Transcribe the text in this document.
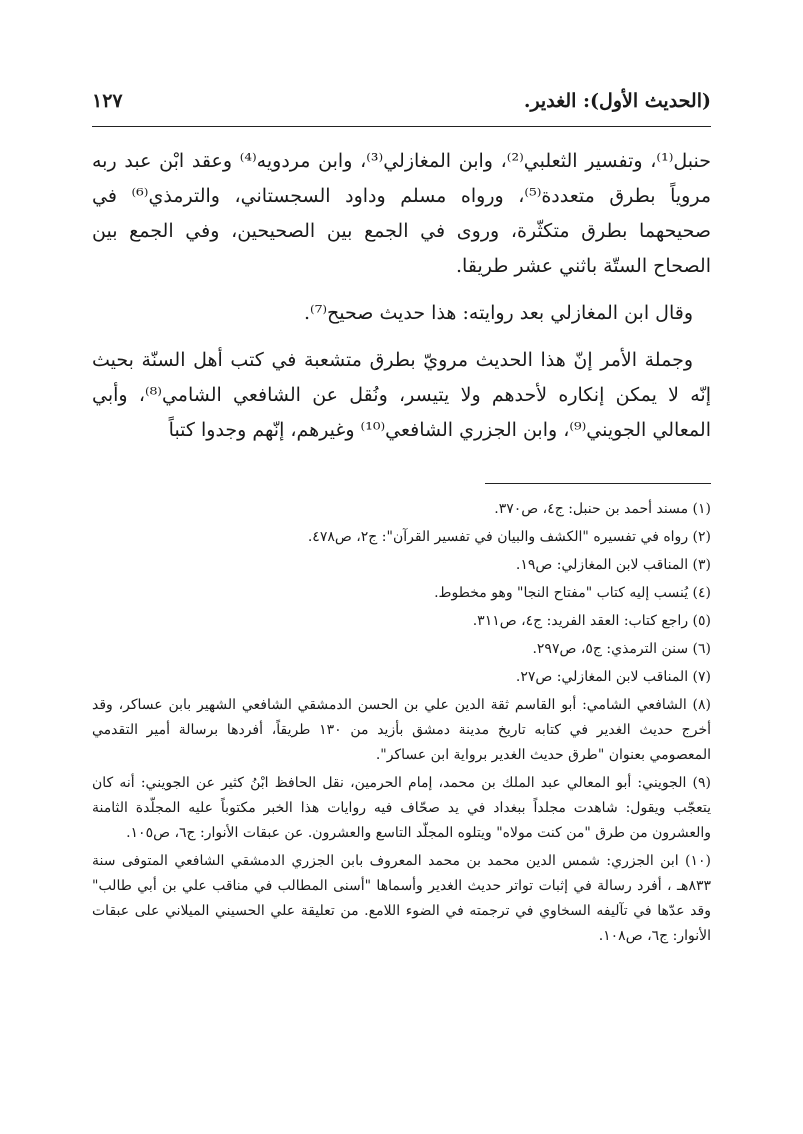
(الحديث الأول): الغدير.
١٢٧

حنبل⁽¹⁾، وتفسير الثعلبي⁽²⁾، وابن المغازلي⁽³⁾، وابن مردويه⁽⁴⁾ وعقد ابْن عبد ربه مروياً بطرق متعددة⁽⁵⁾، ورواه مسلم وداود السجستاني، والترمذي⁽⁶⁾ في صحيحهما بطرق متكثّرة، وروى في الجمع بين الصحيحين، وفي الجمع بين الصحاح الستّة باثني عشر طريقا.

وقال ابن المغازلي بعد روايته: هذا حديث صحيح⁽⁷⁾.

وجملة الأمر إنّ هذا الحديث مرويّ بطرق متشعبة في كتب أهل السنّة بحيث إنّه لا يمكن إنكاره لأحدهم ولا يتيسر، ونُقل عن الشافعي الشامي⁽⁸⁾، وأبي المعالي الجويني⁽⁹⁾، وابن الجزري الشافعي⁽¹⁰⁾ وغيرهم، إنّهم وجدوا كتباً

(١) مسند أحمد بن حنبل: ج٤، ص٣٧٠.

(٢) رواه في تفسيره "الكشف والبيان في تفسير القرآن": ج٢، ص٤٧٨.

(٣) المناقب لابن المغازلي: ص١٩.

(٤) يُنسب إليه كتاب "مفتاح النجا" وهو مخطوط.

(٥) راجع كتاب: العقد الفريد: ج٤، ص٣١١.

(٦) سنن الترمذي: ج٥، ص٢٩٧.

(٧) المناقب لابن المغازلي: ص٢٧.

(٨) الشافعي الشامي: أبو القاسم ثقة الدين علي بن الحسن الدمشقي الشافعي الشهير بابن عساكر، وقد أخرج حديث الغدير في كتابه تاريخ مدينة دمشق بأزيد من ١٣٠ طريقاً، أفردها برسالة أمير التقدمي المعصومي بعنوان "طرق حديث الغدير برواية ابن عساكر".

(٩) الجويني: أبو المعالي عبد الملك بن محمد، إمام الحرمين، نقل الحافظ ابْنُ كثير عن الجويني: أنه كان يتعجّب ويقول: شاهدت مجلداً ببغداد في يد صحّاف فيه روايات هذا الخبر مكتوباً عليه المجلّدة الثامنة والعشرون من طرق "من كنت مولاه" ويتلوه المجلّد التاسع والعشرون. عن عبقات الأنوار: ج٦، ص١٠٥.

(١٠) ابن الجزري: شمس الدين محمد بن محمد المعروف بابن الجزري الدمشقي الشافعي المتوفى سنة ٨٣٣هـ ، أفرد رسالة في إثبات تواتر حديث الغدير وأسماها "أسنى المطالب في مناقب علي بن أبي طالب" وقد عدّها في تآليفه السخاوي في ترجمته في الضوء اللامع. من تعليقة علي الحسيني الميلاني على عبقات الأنوار: ج٦، ص١٠٨.
